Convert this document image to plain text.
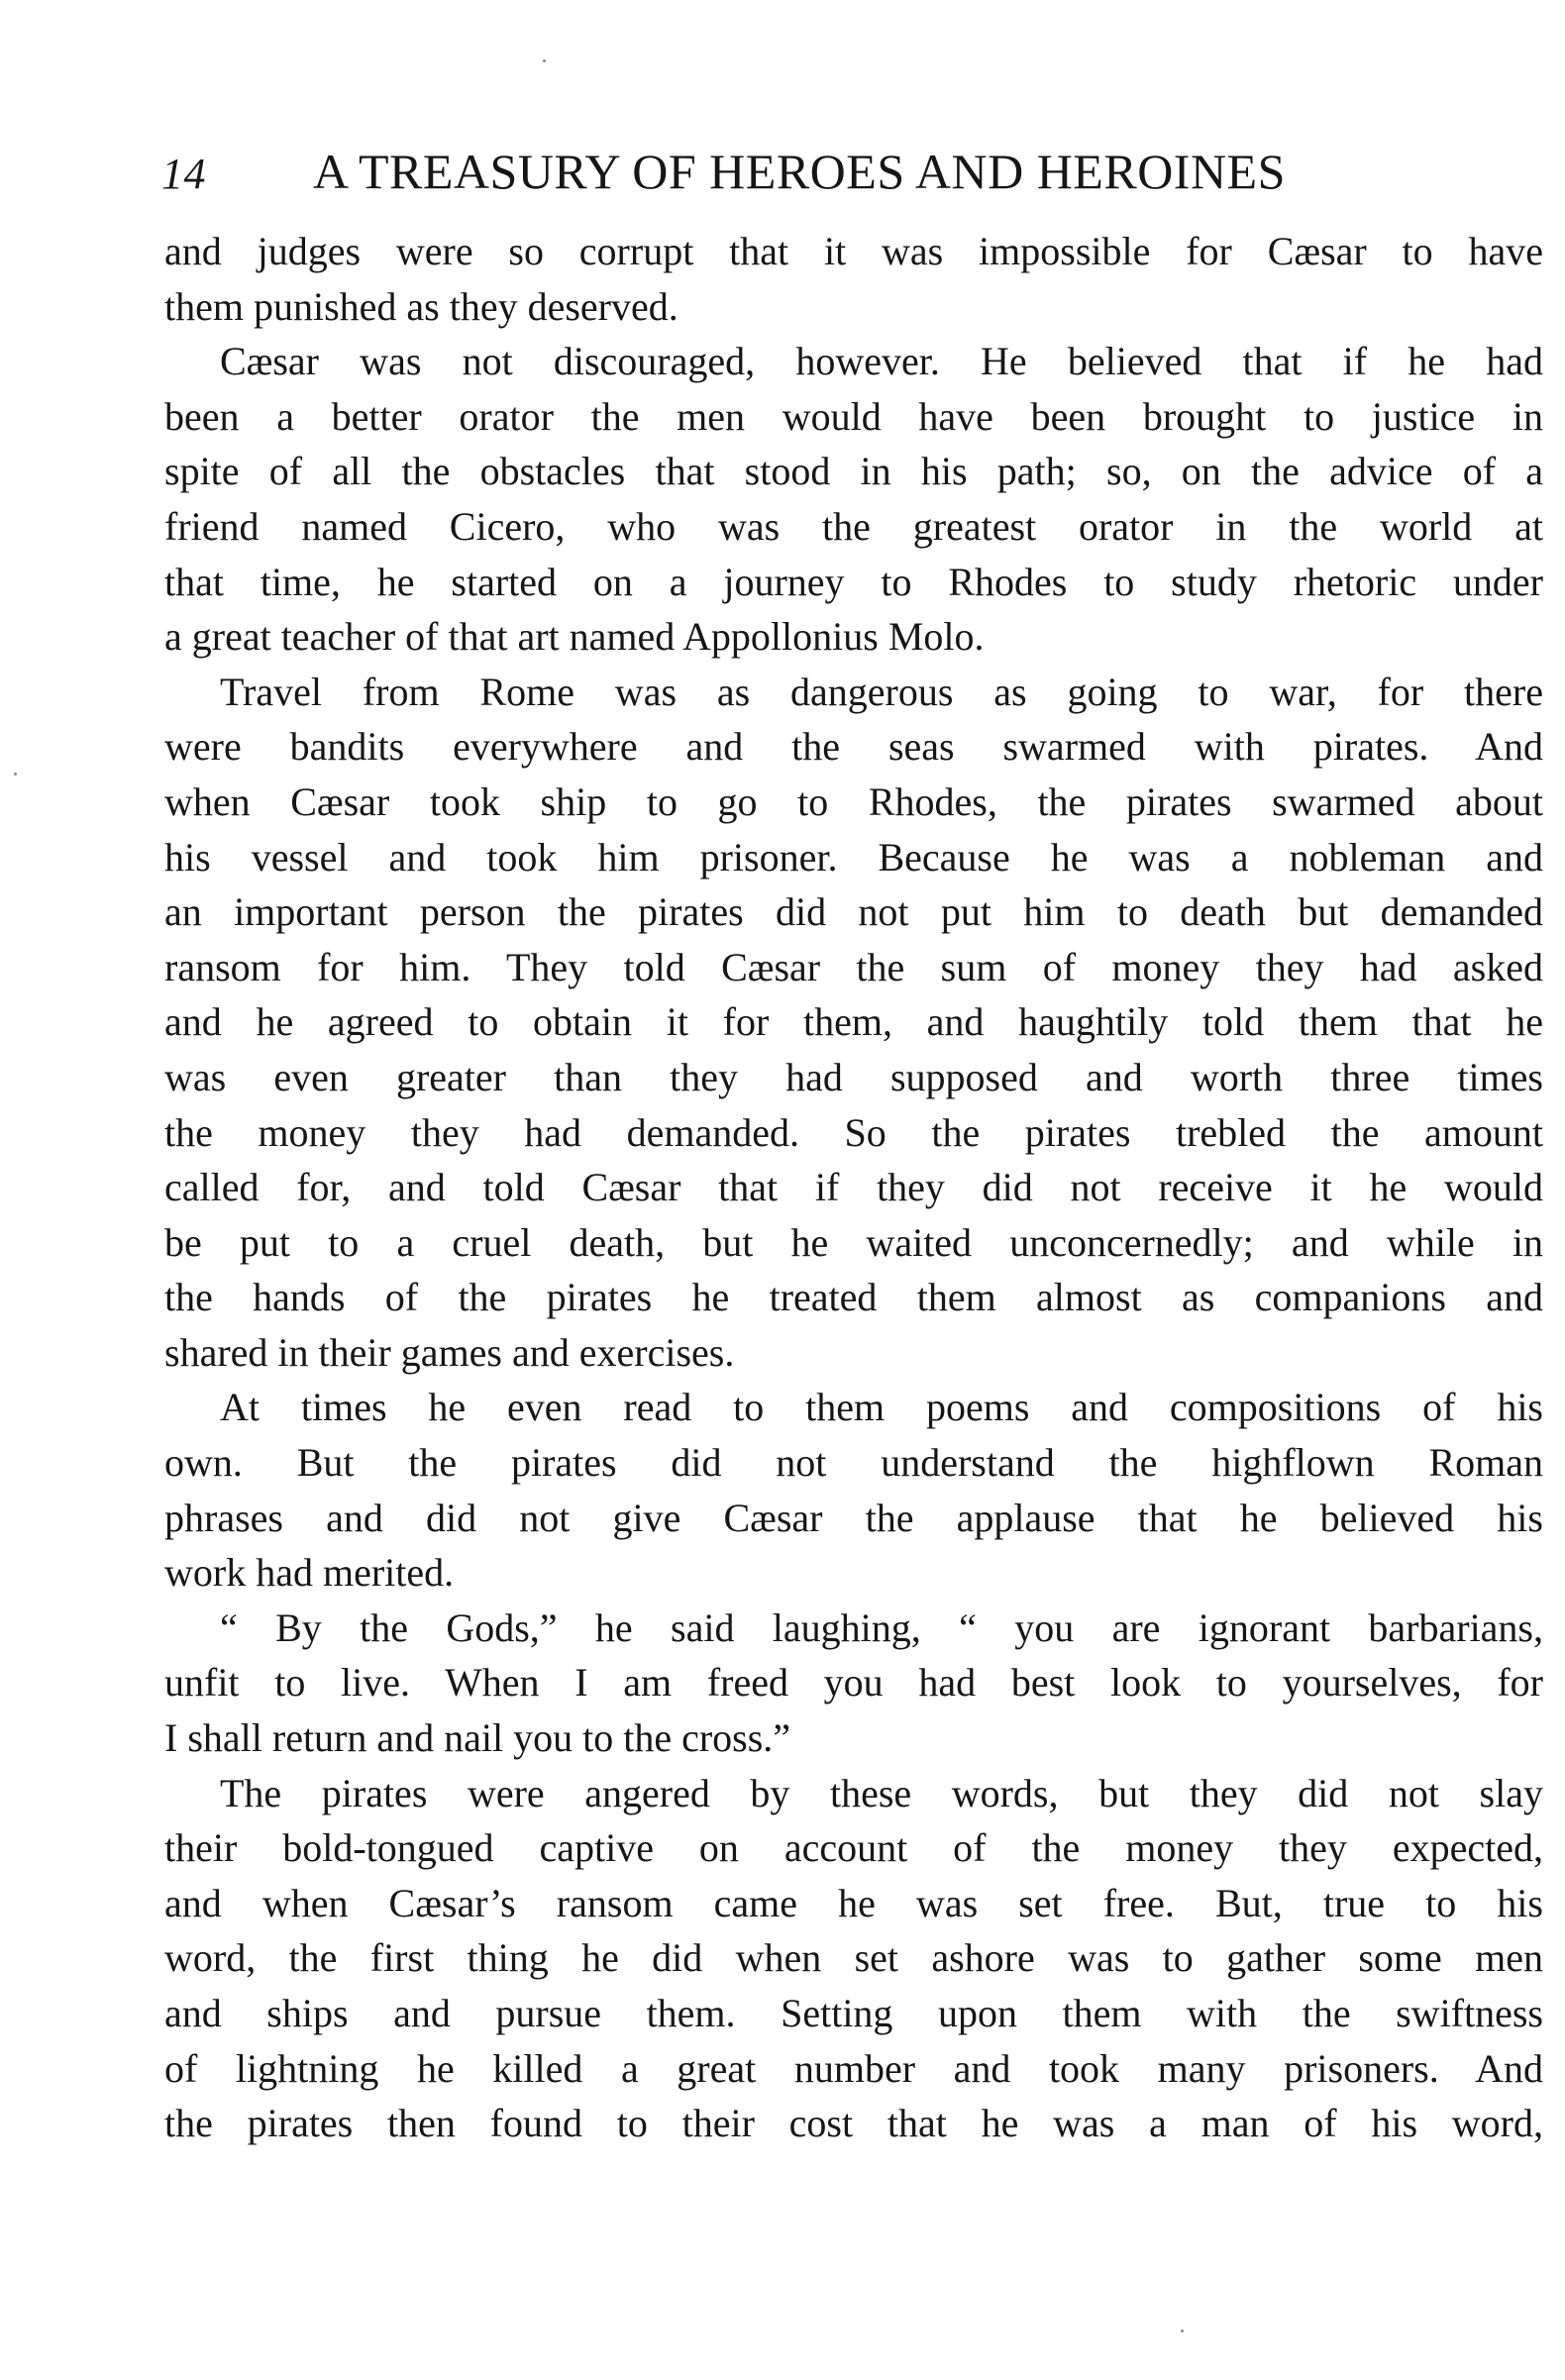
14 A TREASURY OF HEROES AND HEROINES
and judges were so corrupt that it was impossible for Cæsar to have
them punished as they deserved.
Cæsar was not discouraged, however. He believed that if he had
been a better orator the men would have been brought to justice in
spite of all the obstacles that stood in his path; so, on the advice of a
friend named Cicero, who was the greatest orator in the world at
that time, he started on a journey to Rhodes to study rhetoric under
a great teacher of that art named Appollonius Molo.
Travel from Rome was as dangerous as going to war, for there
were bandits everywhere and the seas swarmed with pirates. And
when Cæsar took ship to go to Rhodes, the pirates swarmed about
his vessel and took him prisoner. Because he was a nobleman and
an important person the pirates did not put him to death but demanded
ransom for him. They told Cæsar the sum of money they had asked
and he agreed to obtain it for them, and haughtily told them that he
was even greater than they had supposed and worth three times
the money they had demanded. So the pirates trebled the amount
called for, and told Cæsar that if they did not receive it he would
be put to a cruel death, but he waited unconcernedly; and while in
the hands of the pirates he treated them almost as companions and
shared in their games and exercises.
At times he even read to them poems and compositions of his
own. But the pirates did not understand the highflown Roman
phrases and did not give Cæsar the applause that he believed his
work had merited.
“ By the Gods,” he said laughing, “ you are ignorant barbarians,
unfit to live. When I am freed you had best look to yourselves, for
I shall return and nail you to the cross.”
The pirates were angered by these words, but they did not slay
their bold-tongued captive on account of the money they expected,
and when Cæsar’s ransom came he was set free. But, true to his
word, the first thing he did when set ashore was to gather some men
and ships and pursue them. Setting upon them with the swiftness
of lightning he killed a great number and took many prisoners. And
the pirates then found to their cost that he was a man of his word,
